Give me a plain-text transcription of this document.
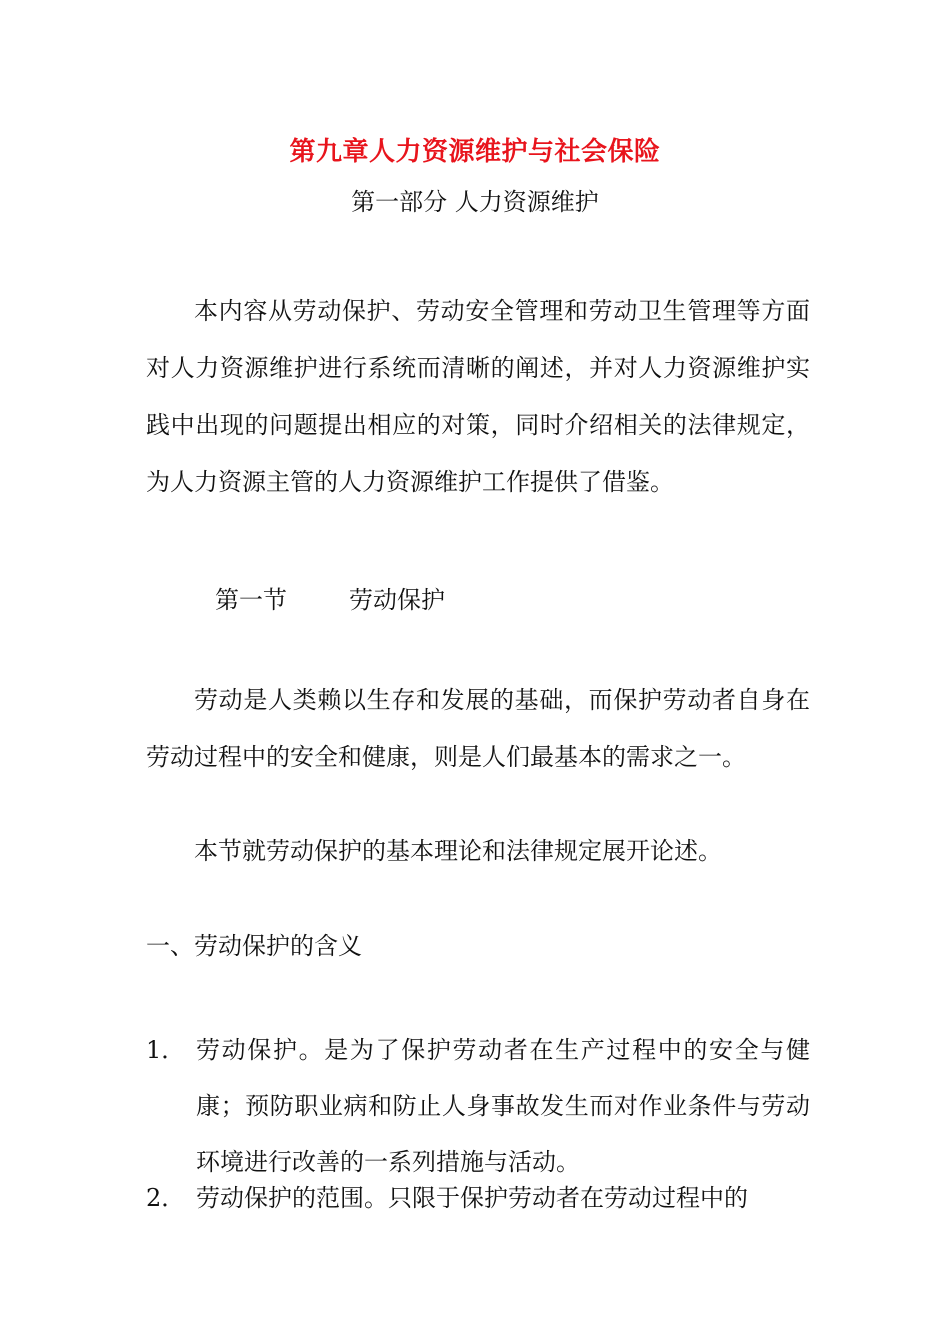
第九章人力资源维护与社会保险
第一部分 人力资源维护

本内容从劳动保护、劳动安全管理和劳动卫生管理等方面对人力资源维护进行系统而清晰的阐述，并对人力资源维护实践中出现的问题提出相应的对策，同时介绍相关的法律规定，为人力资源主管的人力资源维护工作提供了借鉴。

第一节	劳动保护

劳动是人类赖以生存和发展的基础，而保护劳动者自身在劳动过程中的安全和健康，则是人们最基本的需求之一。

本节就劳动保护的基本理论和法律规定展开论述。

一、劳动保护的含义
1． 劳动保护。是为了保护劳动者在生产过程中的安全与健康；预防职业病和防止人身事故发生而对作业条件与劳动环境进行改善的一系列措施与活动。
2． 劳动保护的范围。只限于保护劳动者在劳动过程中的
